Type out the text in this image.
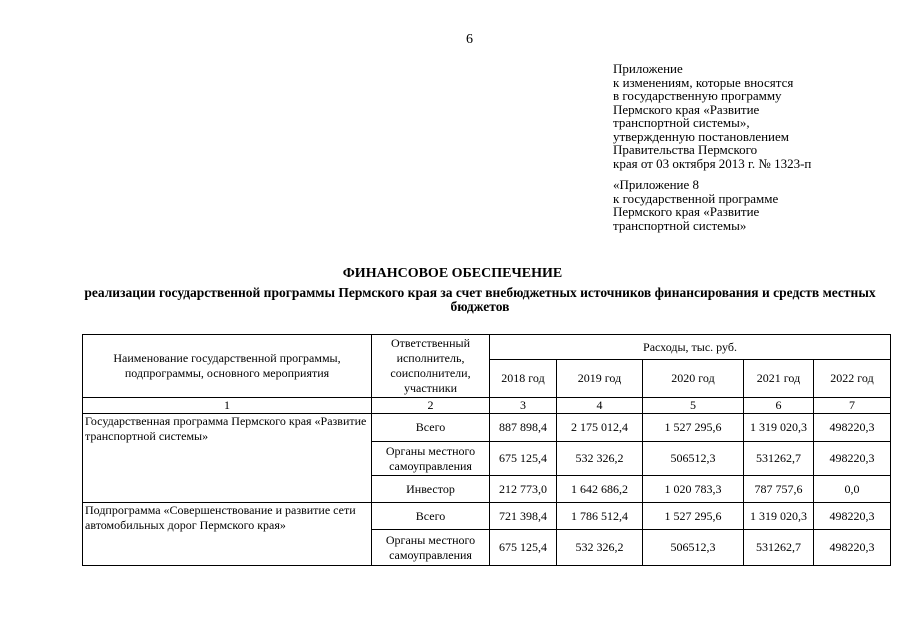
6
Приложение
к изменениям, которые вносятся
в государственную программу
Пермского края «Развитие
транспортной системы»,
утвержденную постановлением
Правительства Пермского
края от 03 октября 2013 г. № 1323-п
«Приложение 8
к государственной программе
Пермского края «Развитие
транспортной системы»
ФИНАНСОВОЕ ОБЕСПЕЧЕНИЕ
реализации государственной программы Пермского края за счет внебюджетных источников финансирования и средств местных бюджетов
Наименование государственной программы, подпрограммы, основного мероприятия	Ответственный исполнитель, соисполнители, участники	Расходы, тыс. руб.				
		2018 год	2019 год	2020 год	2021 год	2022 год
1	2	3	4	5	6	7
Государственная программа Пермского края «Развитие транспортной системы»	Всего	887 898,4	2 175 012,4	1 527 295,6	1 319 020,3	498220,3
	Органы местного самоуправления	675 125,4	532 326,2	506512,3	531262,7	498220,3
	Инвестор	212 773,0	1 642 686,2	1 020 783,3	787 757,6	0,0
Подпрограмма «Совершенствование и развитие сети автомобильных дорог Пермского края»	Всего	721 398,4	1 786 512,4	1 527 295,6	1 319 020,3	498220,3
	Органы местного самоуправления	675 125,4	532 326,2	506512,3	531262,7	498220,3
